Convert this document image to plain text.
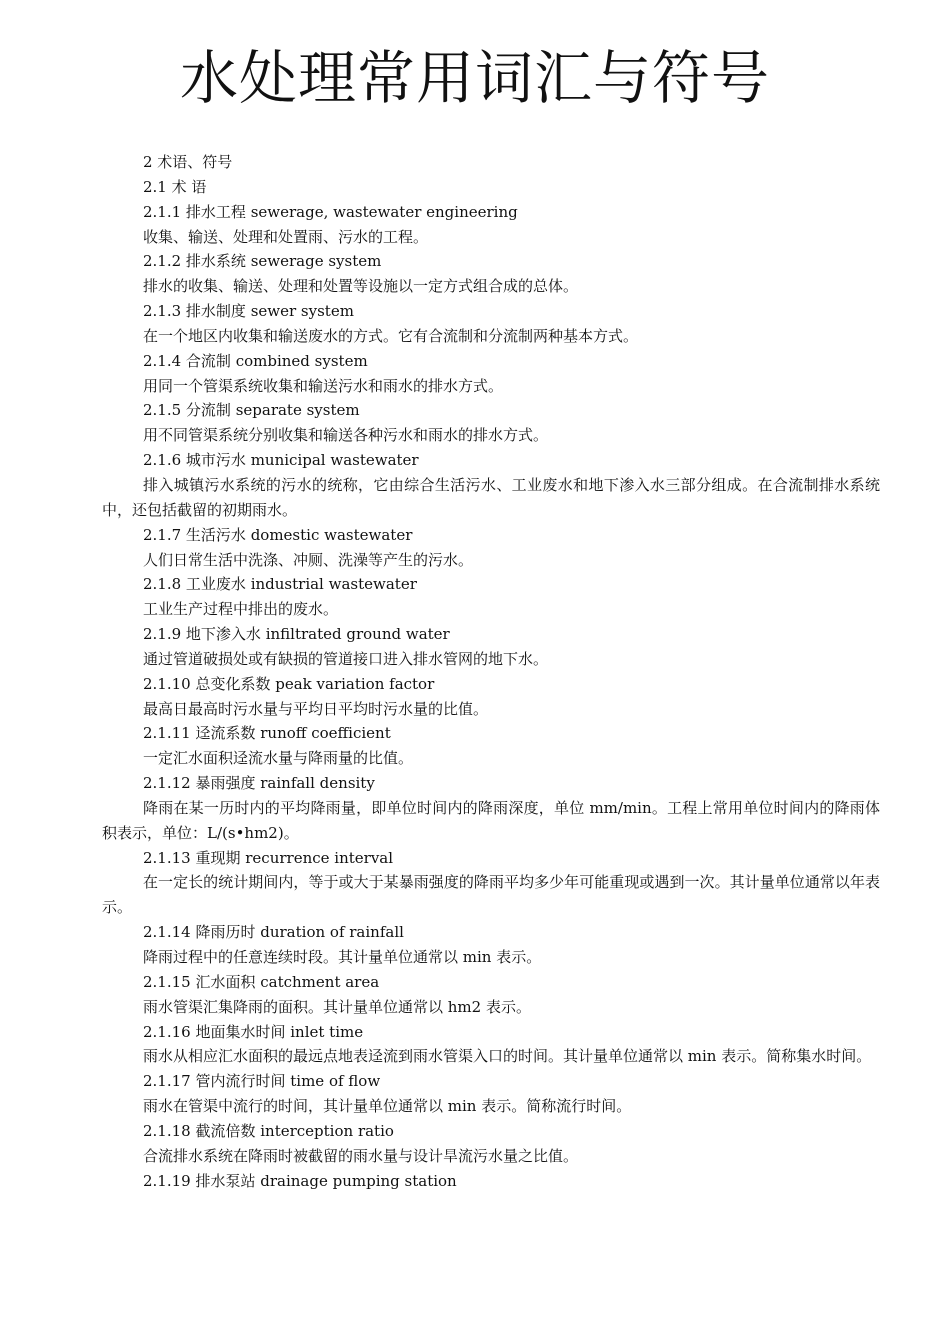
水处理常用词汇与符号
2 术语、符号
2.1 术 语
2.1.1 排水工程 sewerage, wastewater engineering
收集、输送、处理和处置雨、污水的工程。
2.1.2 排水系统 sewerage system
排水的收集、输送、处理和处置等设施以一定方式组合成的总体。
2.1.3 排水制度 sewer system
在一个地区内收集和输送废水的方式。它有合流制和分流制两种基本方式。
2.1.4 合流制 combined system
用同一个管渠系统收集和输送污水和雨水的排水方式。
2.1.5 分流制 separate system
用不同管渠系统分别收集和输送各种污水和雨水的排水方式。
2.1.6 城市污水 municipal wastewater
排入城镇污水系统的污水的统称，它由综合生活污水、工业废水和地下渗入水三部分组成。在合流制排水系统中，还包括截留的初期雨水。
2.1.7 生活污水 domestic wastewater
人们日常生活中洗涤、冲厕、洗澡等产生的污水。
2.1.8 工业废水 industrial wastewater
工业生产过程中排出的废水。
2.1.9 地下渗入水 infiltrated ground water
通过管道破损处或有缺损的管道接口进入排水管网的地下水。
2.1.10 总变化系数 peak variation factor
最高日最高时污水量与平均日平均时污水量的比值。
2.1.11 迳流系数 runoff coefficient
一定汇水面积迳流水量与降雨量的比值。
2.1.12 暴雨强度 rainfall density
降雨在某一历时内的平均降雨量，即单位时间内的降雨深度，单位 mm/min。工程上常用单位时间内的降雨体积表示，单位：L/(s•hm2)。
2.1.13 重现期 recurrence interval
在一定长的统计期间内，等于或大于某暴雨强度的降雨平均多少年可能重现或遇到一次。其计量单位通常以年表示。
2.1.14 降雨历时 duration of rainfall
降雨过程中的任意连续时段。其计量单位通常以 min 表示。
2.1.15 汇水面积 catchment area
雨水管渠汇集降雨的面积。其计量单位通常以 hm2 表示。
2.1.16 地面集水时间 inlet time
雨水从相应汇水面积的最远点地表迳流到雨水管渠入口的时间。其计量单位通常以 min 表示。简称集水时间。
2.1.17 管内流行时间 time of flow
雨水在管渠中流行的时间，其计量单位通常以 min 表示。简称流行时间。
2.1.18 截流倍数 interception ratio
合流排水系统在降雨时被截留的雨水量与设计旱流污水量之比值。
2.1.19 排水泵站 drainage pumping station
